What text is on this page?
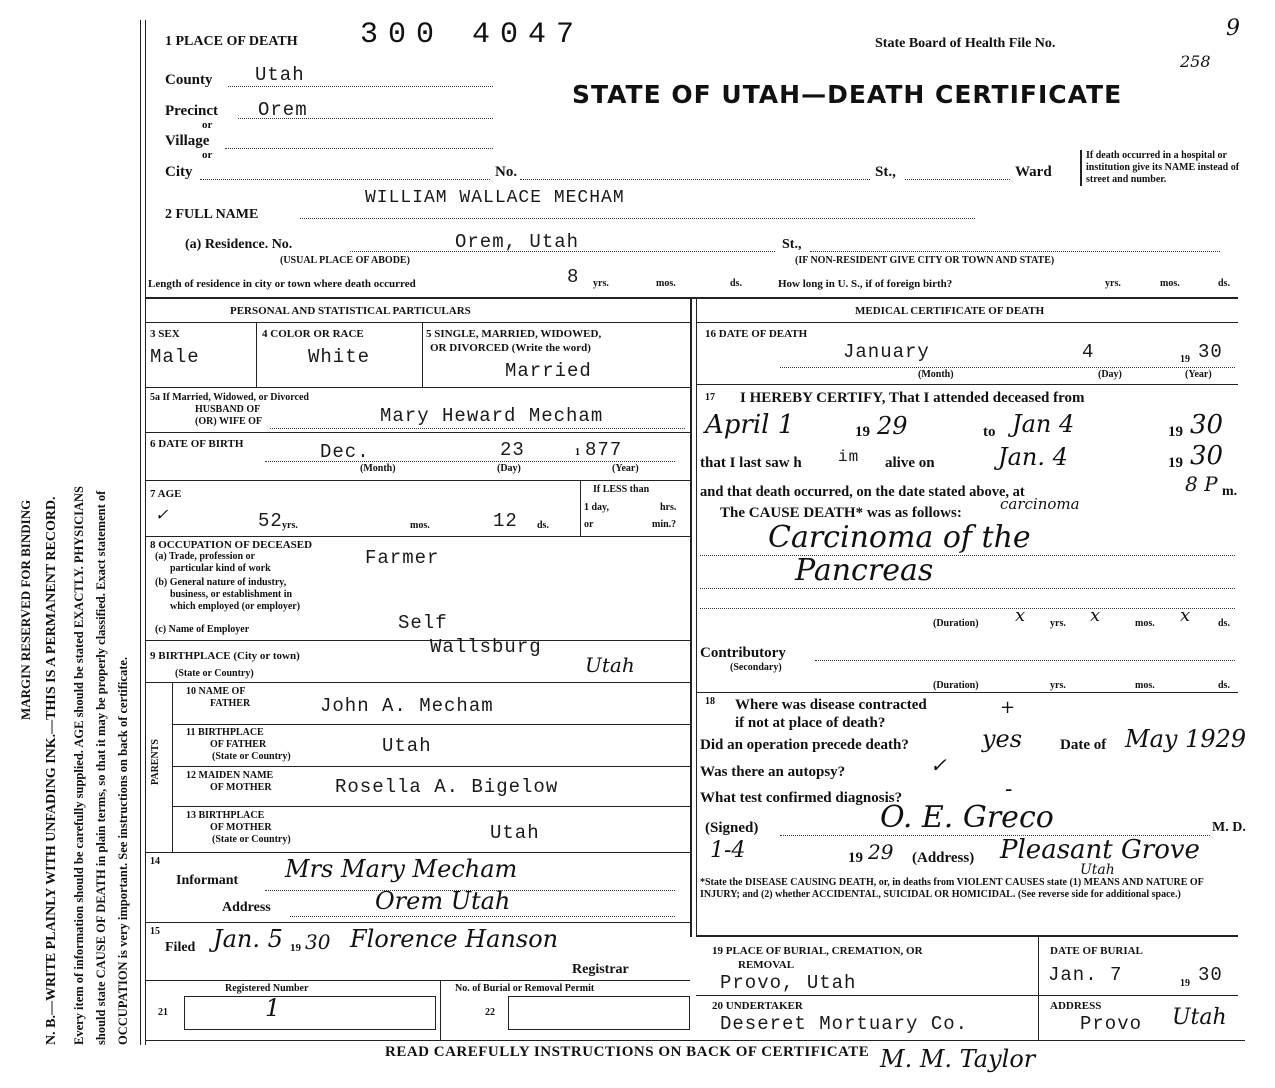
N. B.—WRITE PLAINLY WITH UNFADING INK.—THIS IS A PERMANENT RECORD. Every item of information should be carefully supplied. AGE should be stated EXACTLY. PHYSICIANS should state CAUSE OF DEATH in plain terms, so that it may be properly classified. Exact statement of OCCUPATION is very important. See instructions on back of certificate.
MARGIN RESERVED FOR BINDING
1 PLACE OF DEATH 300 4047	State Board of Health File No.
9
258
STATE OF UTAH—DEATH CERTIFICATE
County Utah
Precinct Orem
or
Village
or
City	No.	St.,	Ward
If death occurred in a hospital or institution give its NAME instead of street and number.
2 FULL NAME
WILLIAM WALLACE MECHAM
(a) Residence. No.
(USUAL PLACE OF ABODE)
Orem, Utah	St.,
(IF NON-RESIDENT GIVE CITY OR TOWN AND STATE)
Length of residence in city or town where death occurred	8 yrs.	mos.	ds.	How long in U. S., if of foreign birth?	yrs.	mos.	ds.
PERSONAL AND STATISTICAL PARTICULARS	MEDICAL CERTIFICATE OF DEATH
3 SEX
Male
4 COLOR OR RACE
White
5 SINGLE, MARRIED, WIDOWED,
OR DIVORCED (Write the word)
Married
5a If Married, Widowed, or Divorced
HUSBAND OF
(OR) WIFE OF	Mary Heward Mecham
6 DATE OF BIRTH	Dec.	23	1 877
(Month)	(Day)	(Year)
7 AGE
✓	52 yrs.	mos.	12 ds.
If LESS than
1 day,	hrs.
or	min.?
8 OCCUPATION OF DECEASED
(a) Trade, profession or
particular kind of work	Farmer
(b) General nature of industry,
business, or establishment in
which employed (or employer)
(c) Name of Employer	Self
9 BIRTHPLACE (City or town)
(State or Country)
Wallsburg
Utah
PARENTS
10 NAME OF
FATHER	John A. Mecham
11 BIRTHPLACE
OF FATHER
(State or Country)	Utah
12 MAIDEN NAME
OF MOTHER	Rosella A. Bigelow
13 BIRTHPLACE
OF MOTHER
(State or Country)	Utah
14
Informant Mrs Mary Mecham
Address	Orem Utah
15
Filed Jan. 5 19 30 Florence Hanson
Registrar
Registered Number	No. of Burial or Removal Permit
21	1	22
16 DATE OF DEATH
January	4	19 30
(Month)	(Day)	(Year)
17 I HEREBY CERTIFY, That I attended deceased from
April 1	19 29	to Jan 4	19 30
that I last saw h im alive on	Jan. 4	19 30
and that death occurred, on the date stated above, at	8 P m.
The CAUSE DEATH* was as follows:	carcinoma
Carcinoma of the
Pancreas
(Duration) x yrs. x	mos. x	ds.
Contributory
(Secondary)
(Duration)	yrs.	mos.	ds.
18 Where was disease contracted
if not at place of death?
+
Did an operation precede death?	yes	Date of May 1929
Was there an autopsy?	✓
What test confirmed diagnosis?	-
(Signed)	O. E. Greco	M. D.
1-4	19 29 (Address) Pleasant Grove
Utah
*State the DISEASE CAUSING DEATH, or, in deaths from VIOLENT CAUSES state (1) MEANS AND NATURE OF INJURY; and (2) whether ACCIDENTAL, SUICIDAL OR HOMICIDAL. (See reverse side for additional space.)
19 PLACE OF BURIAL, CREMATION, OR
REMOVAL
Provo, Utah
DATE OF BURIAL
Jan. 7	19 30
20 UNDERTAKER
Deseret Mortuary Co.
ADDRESS
Provo Utah
READ CAREFULLY INSTRUCTIONS ON BACK OF CERTIFICATE M. M. Taylor
